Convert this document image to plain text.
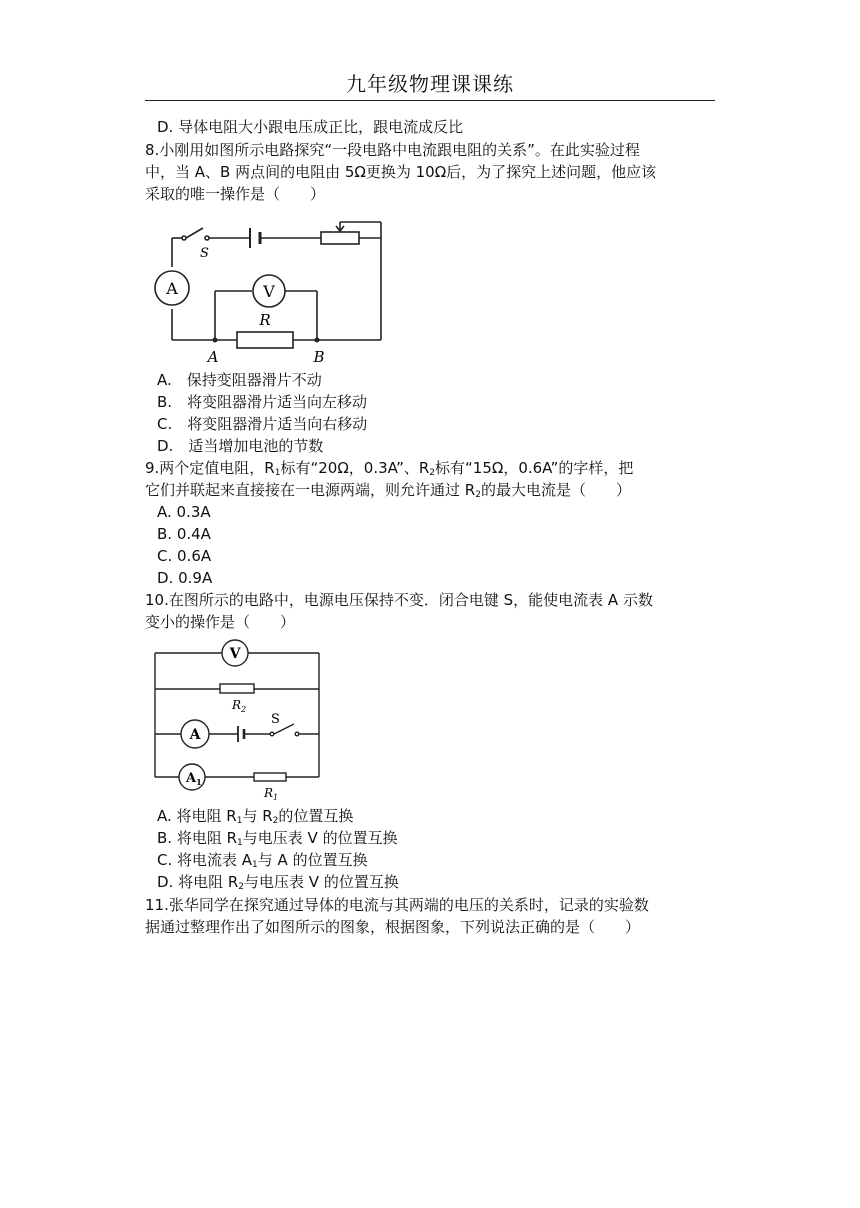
九年级物理课课练
D. 导体电阻大小跟电压成正比，跟电流成反比
8.小刚用如图所示电路探究“一段电路中电流跟电阻的关系”。在此实验过程
中，当 A、B 两点间的电阻由 5Ω更换为 10Ω后，为了探究上述问题，他应该
采取的唯一操作是（　　）
S
A	V
R
A	B
A.　保持变阻器滑片不动
B.　将变阻器滑片适当向左移动
C.　将变阻器滑片适当向右移动
D.　适当增加电池的节数
9.两个定值电阻，$R_1$标有“20Ω，0.3A”、$R_2$标有“15Ω，0.6A”的字样，把
它们并联起来直接接在一电源两端，则允许通过 $R_2$的最大电流是（　　）
A. 0.3A
B. 0.4A
C. 0.6A
D. 0.9A
10.在图所示的电路中，电源电压保持不变．闭合电键 S，能使电流表 A 示数
变小的操作是（　　）
V
$R_2$
A
S
$A_1$
$R_1$
A. 将电阻 $R_1$与 $R_2$的位置互换
B. 将电阻 $R_1$与电压表 V 的位置互换
C. 将电流表 $A_1$与 A 的位置互换
D. 将电阻 $R_2$与电压表 V 的位置互换
11.张华同学在探究通过导体的电流与其两端的电压的关系时，记录的实验数
据通过整理作出了如图所示的图象，根据图象，下列说法正确的是（　　）
